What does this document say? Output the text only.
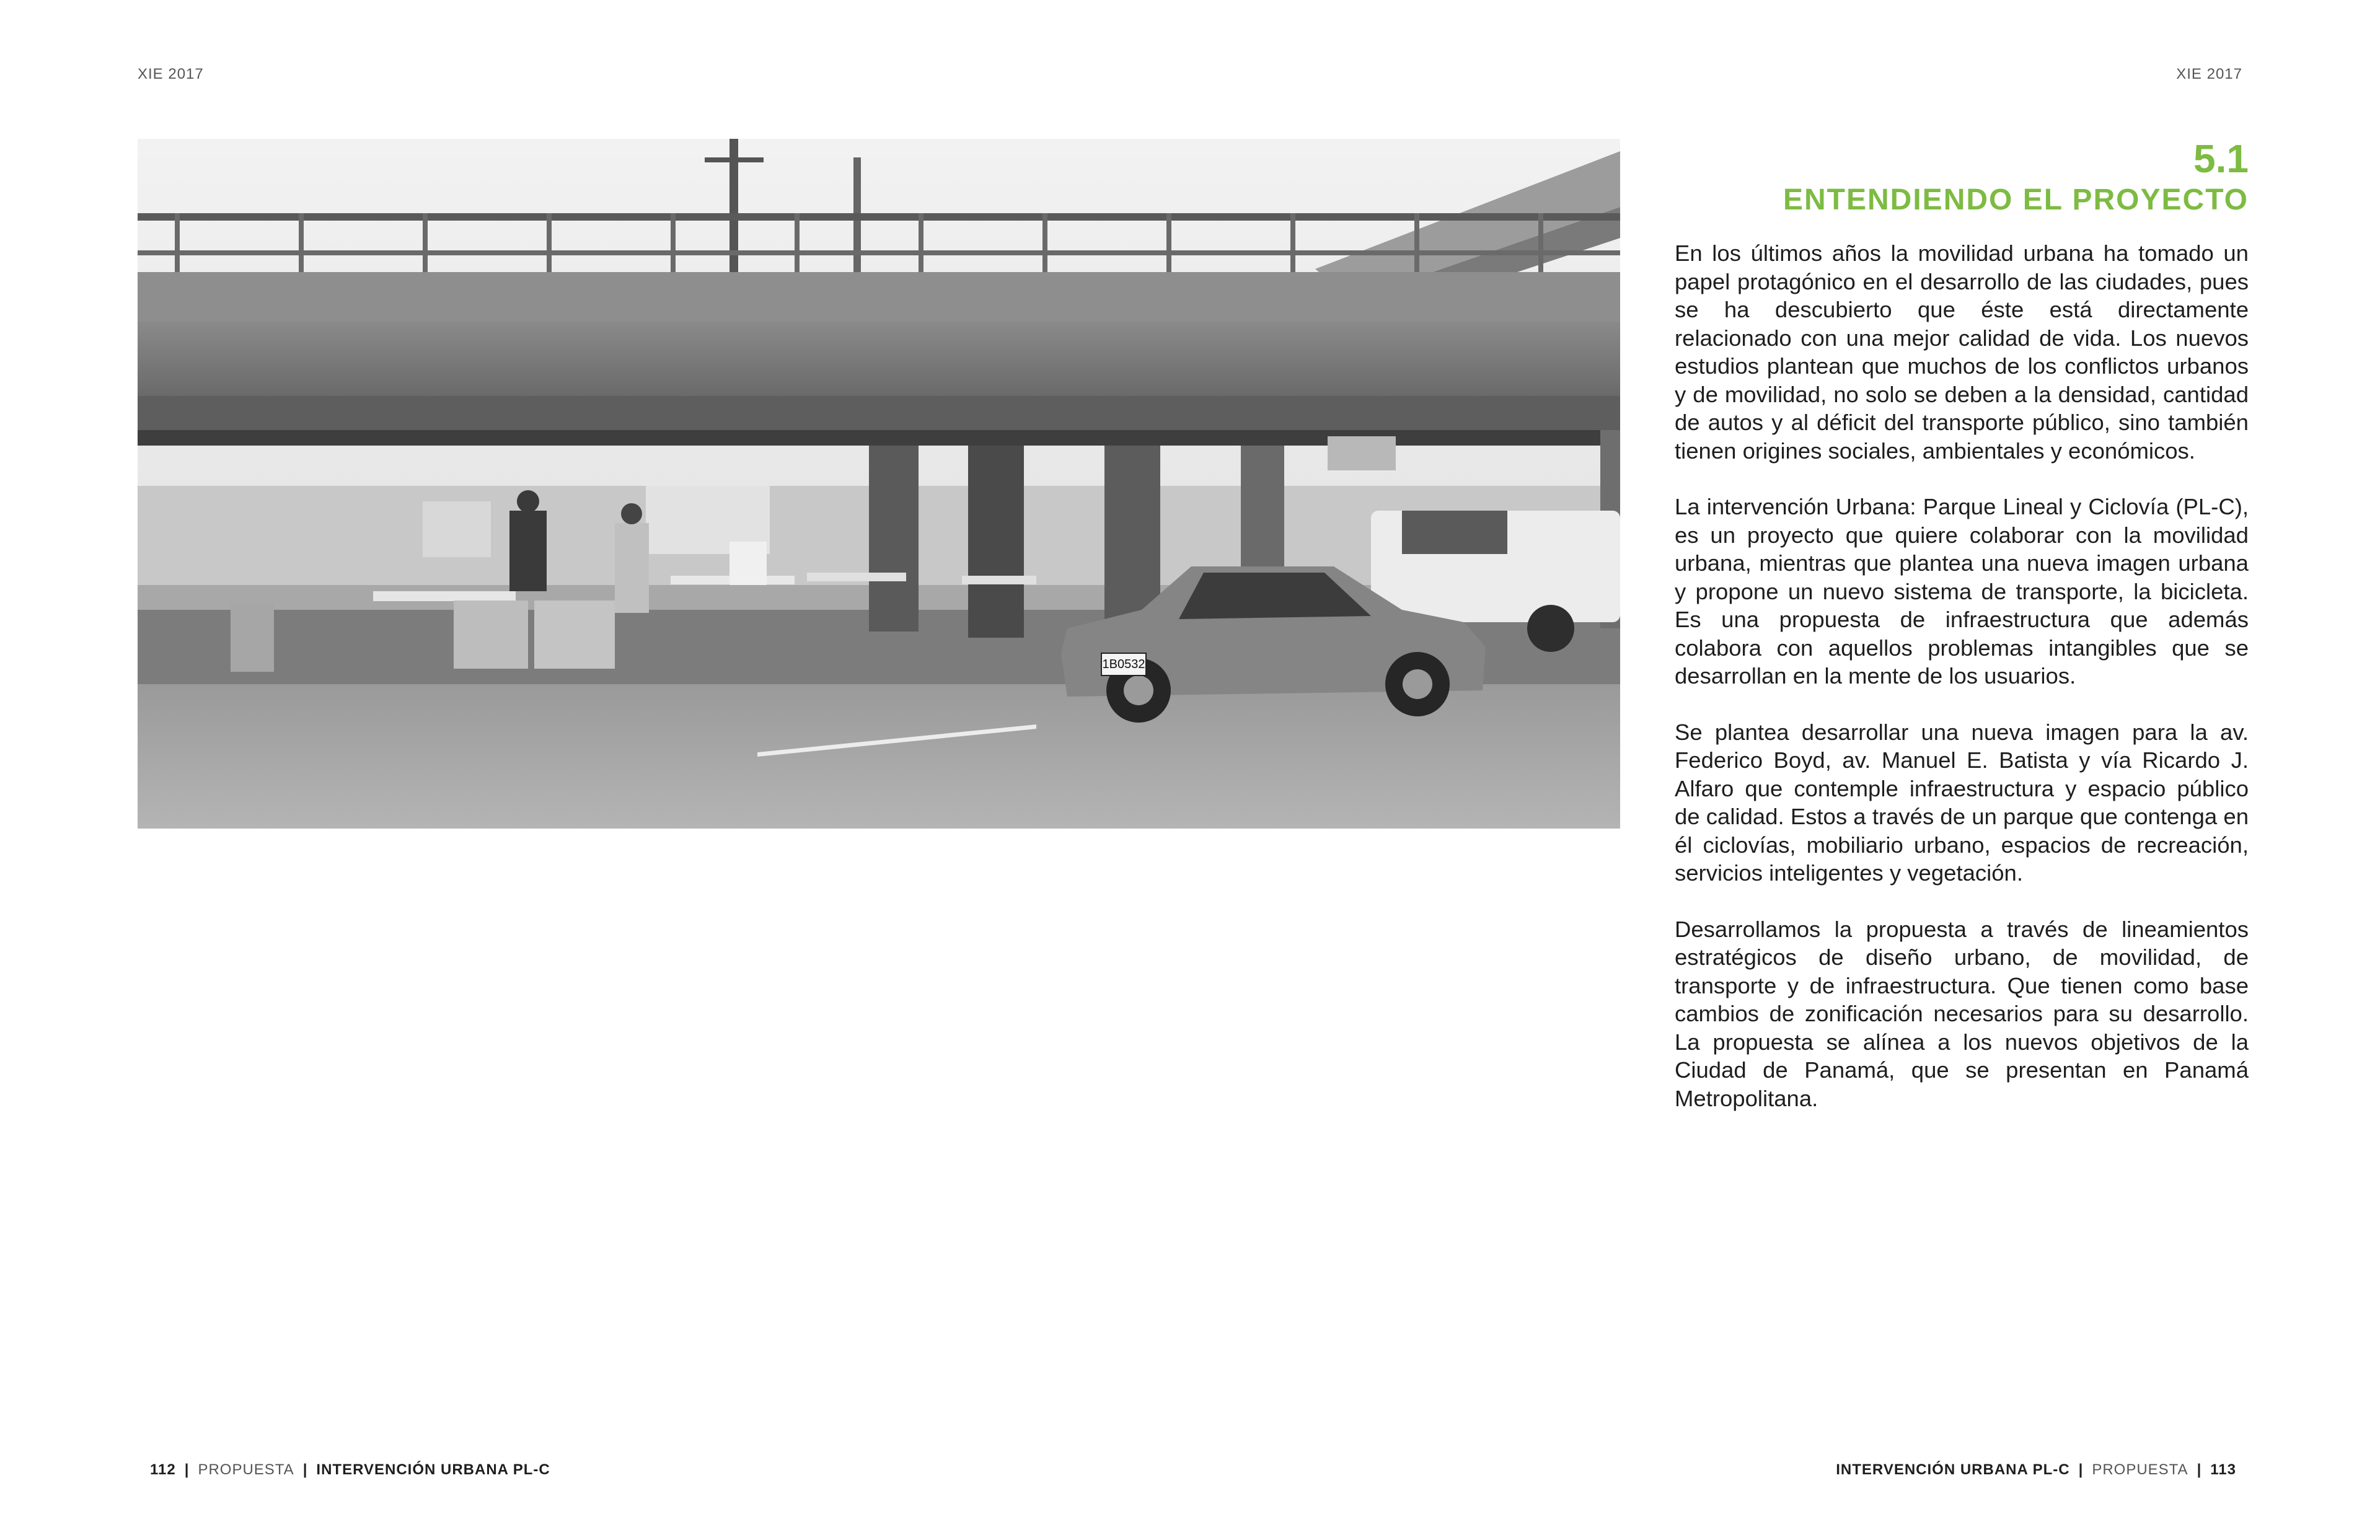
XIE 2017	XIE 2017
1B0532
5.1
ENTENDIENDO EL PROYECTO

En los últimos años la movilidad urbana ha tomado un papel protagónico en el desarrollo de las ciudades, pues se ha descubierto que éste está directamente relacionado con una mejor calidad de vida. Los nuevos estudios plantean que muchos de los conflictos urbanos y de movilidad, no solo se deben a la densidad, cantidad de autos y al déficit del transporte público, sino también tienen origines sociales, ambientales y económicos.

La intervención Urbana: Parque Lineal y Ciclovía (PL-C), es un proyecto que quiere colaborar con la movilidad urbana, mientras que plantea una nueva imagen urbana y propone un nuevo sistema de transporte, la bicicleta. Es una propuesta de infraestructura que además colabora con aquellos problemas intangibles que se desarrollan en la mente de los usuarios.

Se plantea desarrollar una nueva imagen para la av. Federico Boyd, av. Manuel E. Batista y vía Ricardo J. Alfaro que contemple infraestructura y espacio público de calidad. Estos a través de un parque que contenga en él ciclovías, mobiliario urbano, espacios de recreación, servicios inteligentes y vegetación.

Desarrollamos la propuesta a través de lineamientos estratégicos de diseño urbano, de movilidad, de transporte y de infraestructura. Que tienen como base cambios de zonificación necesarios para su desarrollo. La propuesta se alínea a los nuevos objetivos de la Ciudad de Panamá, que se presentan en Panamá Metropolitana.

112 | PROPUESTA | INTERVENCIÓN URBANA PL-C	INTERVENCIÓN URBANA PL-C | PROPUESTA | 113
